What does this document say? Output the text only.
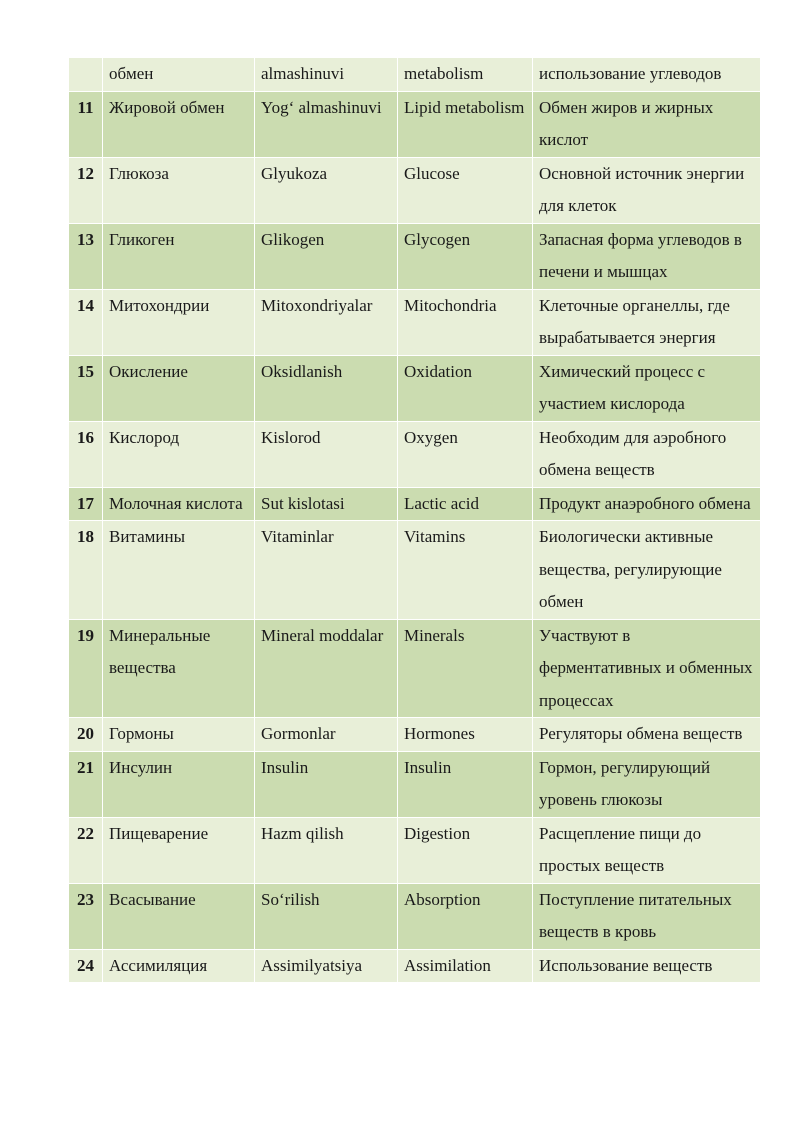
	обмен	almashinuvi	metabolism	использование углеводов
11	Жировой обмен	Yog‘ almashinuvi	Lipid metabolism	Обмен жиров и жирных кислот
12	Глюкоза	Glyukoza	Glucose	Основной источник энергии для клеток
13	Гликоген	Glikogen	Glycogen	Запасная форма углеводов в печени и мышцах
14	Митохондрии	Mitoxondriyalar	Mitochondria	Клеточные органеллы, где вырабатывается энергия
15	Окисление	Oksidlanish	Oxidation	Химический процесс с участием кислорода
16	Кислород	Kislorod	Oxygen	Необходим для аэробного обмена веществ
17	Молочная кислота	Sut kislotasi	Lactic acid	Продукт анаэробного обмена
18	Витамины	Vitaminlar	Vitamins	Биологически активные вещества, регулирующие обмен
19	Минеральные вещества	Mineral moddalar	Minerals	Участвуют в ферментативных и обменных процессах
20	Гормоны	Gormonlar	Hormones	Регуляторы обмена веществ
21	Инсулин	Insulin	Insulin	Гормон, регулирующий уровень глюкозы
22	Пищеварение	Hazm qilish	Digestion	Расщепление пищи до простых веществ
23	Всасывание	So‘rilish	Absorption	Поступление питательных веществ в кровь
24	Ассимиляция	Assimilyatsiya	Assimilation	Использование веществ
